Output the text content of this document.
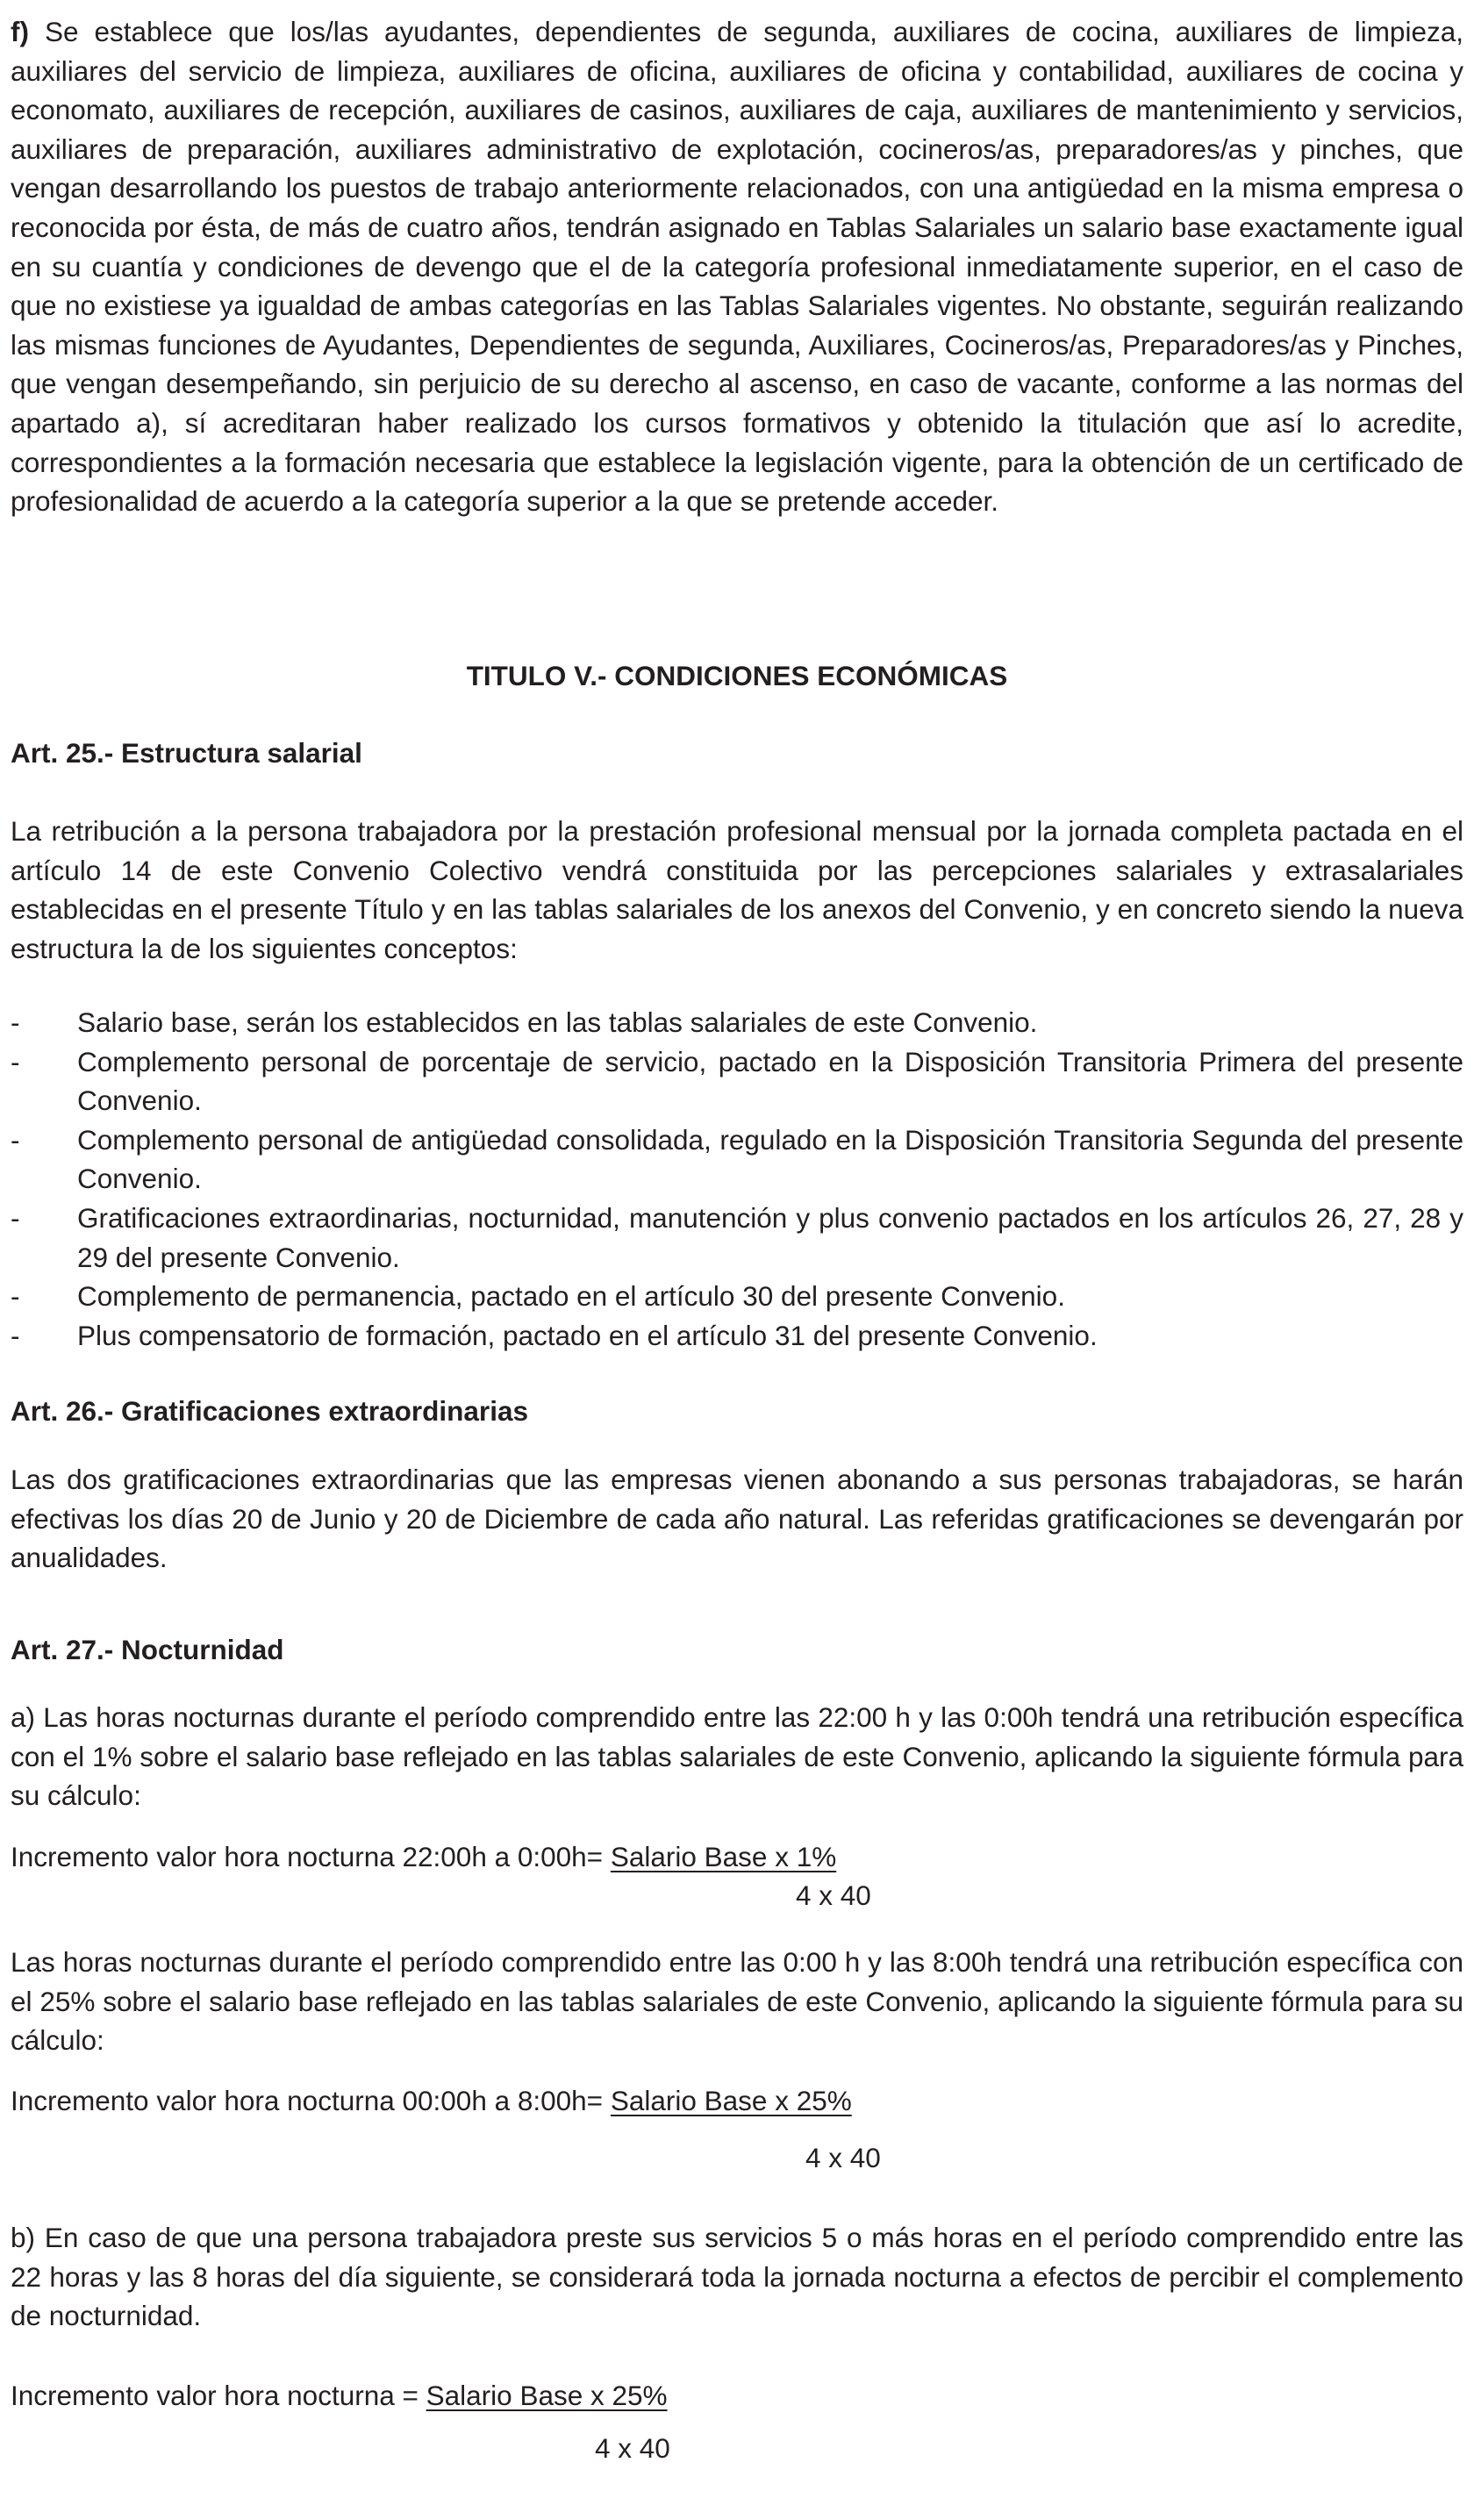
f) Se establece que los/las ayudantes, dependientes de segunda, auxiliares de cocina, auxiliares de limpieza, auxiliares del servicio de limpieza, auxiliares de oficina, auxiliares de oficina y contabilidad, auxiliares de cocina y economato, auxiliares de recepción, auxiliares de casinos, auxiliares de caja, auxiliares de mantenimiento y servicios, auxiliares de preparación, auxiliares administrativo de explotación, cocineros/as, preparadores/as y pinches, que vengan desarrollando los puestos de trabajo anteriormente relacionados, con una antigüedad en la misma empresa o reconocida por ésta, de más de cuatro años, tendrán asignado en Tablas Salariales un salario base exactamente igual en su cuantía y condiciones de devengo que el de la categoría profesional inmediatamente superior, en el caso de que no existiese ya igualdad de ambas categorías en las Tablas Salariales vigentes. No obstante, seguirán realizando las mismas funciones de Ayudantes, Dependientes de segunda, Auxiliares, Cocineros/as, Preparadores/as y Pinches, que vengan desempeñando, sin perjuicio de su derecho al ascenso, en caso de vacante, conforme a las normas del apartado a), sí acreditaran haber realizado los cursos formativos y obtenido la titulación que así lo acredite, correspondientes a la formación necesaria que establece la legislación vigente, para la obtención de un certificado de profesionalidad de acuerdo a la categoría superior a la que se pretende acceder.

TITULO V.- CONDICIONES ECONÓMICAS
Art. 25.- Estructura salarial

La retribución a la persona trabajadora por la prestación profesional mensual por la jornada completa pactada en el artículo 14 de este Convenio Colectivo vendrá constituida por las percepciones salariales y extrasalariales establecidas en el presente Título y en las tablas salariales de los anexos del Convenio, y en concreto siendo la nueva estructura la de los siguientes conceptos:

- Salario base, serán los establecidos en las tablas salariales de este Convenio.
- Complemento personal de porcentaje de servicio, pactado en la Disposición Transitoria Primera del presente Convenio.
- Complemento personal de antigüedad consolidada, regulado en la Disposición Transitoria Segunda del presente Convenio.
- Gratificaciones extraordinarias, nocturnidad, manutención y plus convenio pactados en los artículos 26, 27, 28 y 29 del presente Convenio.
- Complemento de permanencia, pactado en el artículo 30 del presente Convenio.
- Plus compensatorio de formación, pactado en el artículo 31 del presente Convenio.
Art. 26.- Gratificaciones extraordinarias

Las dos gratificaciones extraordinarias que las empresas vienen abonando a sus personas trabajadoras, se harán efectivas los días 20 de Junio y 20 de Diciembre de cada año natural. Las referidas gratificaciones se devengarán por anualidades.

Art. 27.- Nocturnidad

a) Las horas nocturnas durante el período comprendido entre las 22:00 h y las 0:00h tendrá una retribución específica con el 1% sobre el salario base reflejado en las tablas salariales de este Convenio, aplicando la siguiente fórmula para su cálculo:

Incremento valor hora nocturna 22:00h a 0:00h= Salario Base x 1%
4 x 40

Las horas nocturnas durante el período comprendido entre las 0:00 h y las 8:00h tendrá una retribución específica con el 25% sobre el salario base reflejado en las tablas salariales de este Convenio, aplicando la siguiente fórmula para su cálculo:

Incremento valor hora nocturna 00:00h a 8:00h= Salario Base x 25%
4 x 40

b) En caso de que una persona trabajadora preste sus servicios 5 o más horas en el período comprendido entre las 22 horas y las 8 horas del día siguiente, se considerará toda la jornada nocturna a efectos de percibir el complemento de nocturnidad.

Incremento valor hora nocturna = Salario Base x 25%
4 x 40
